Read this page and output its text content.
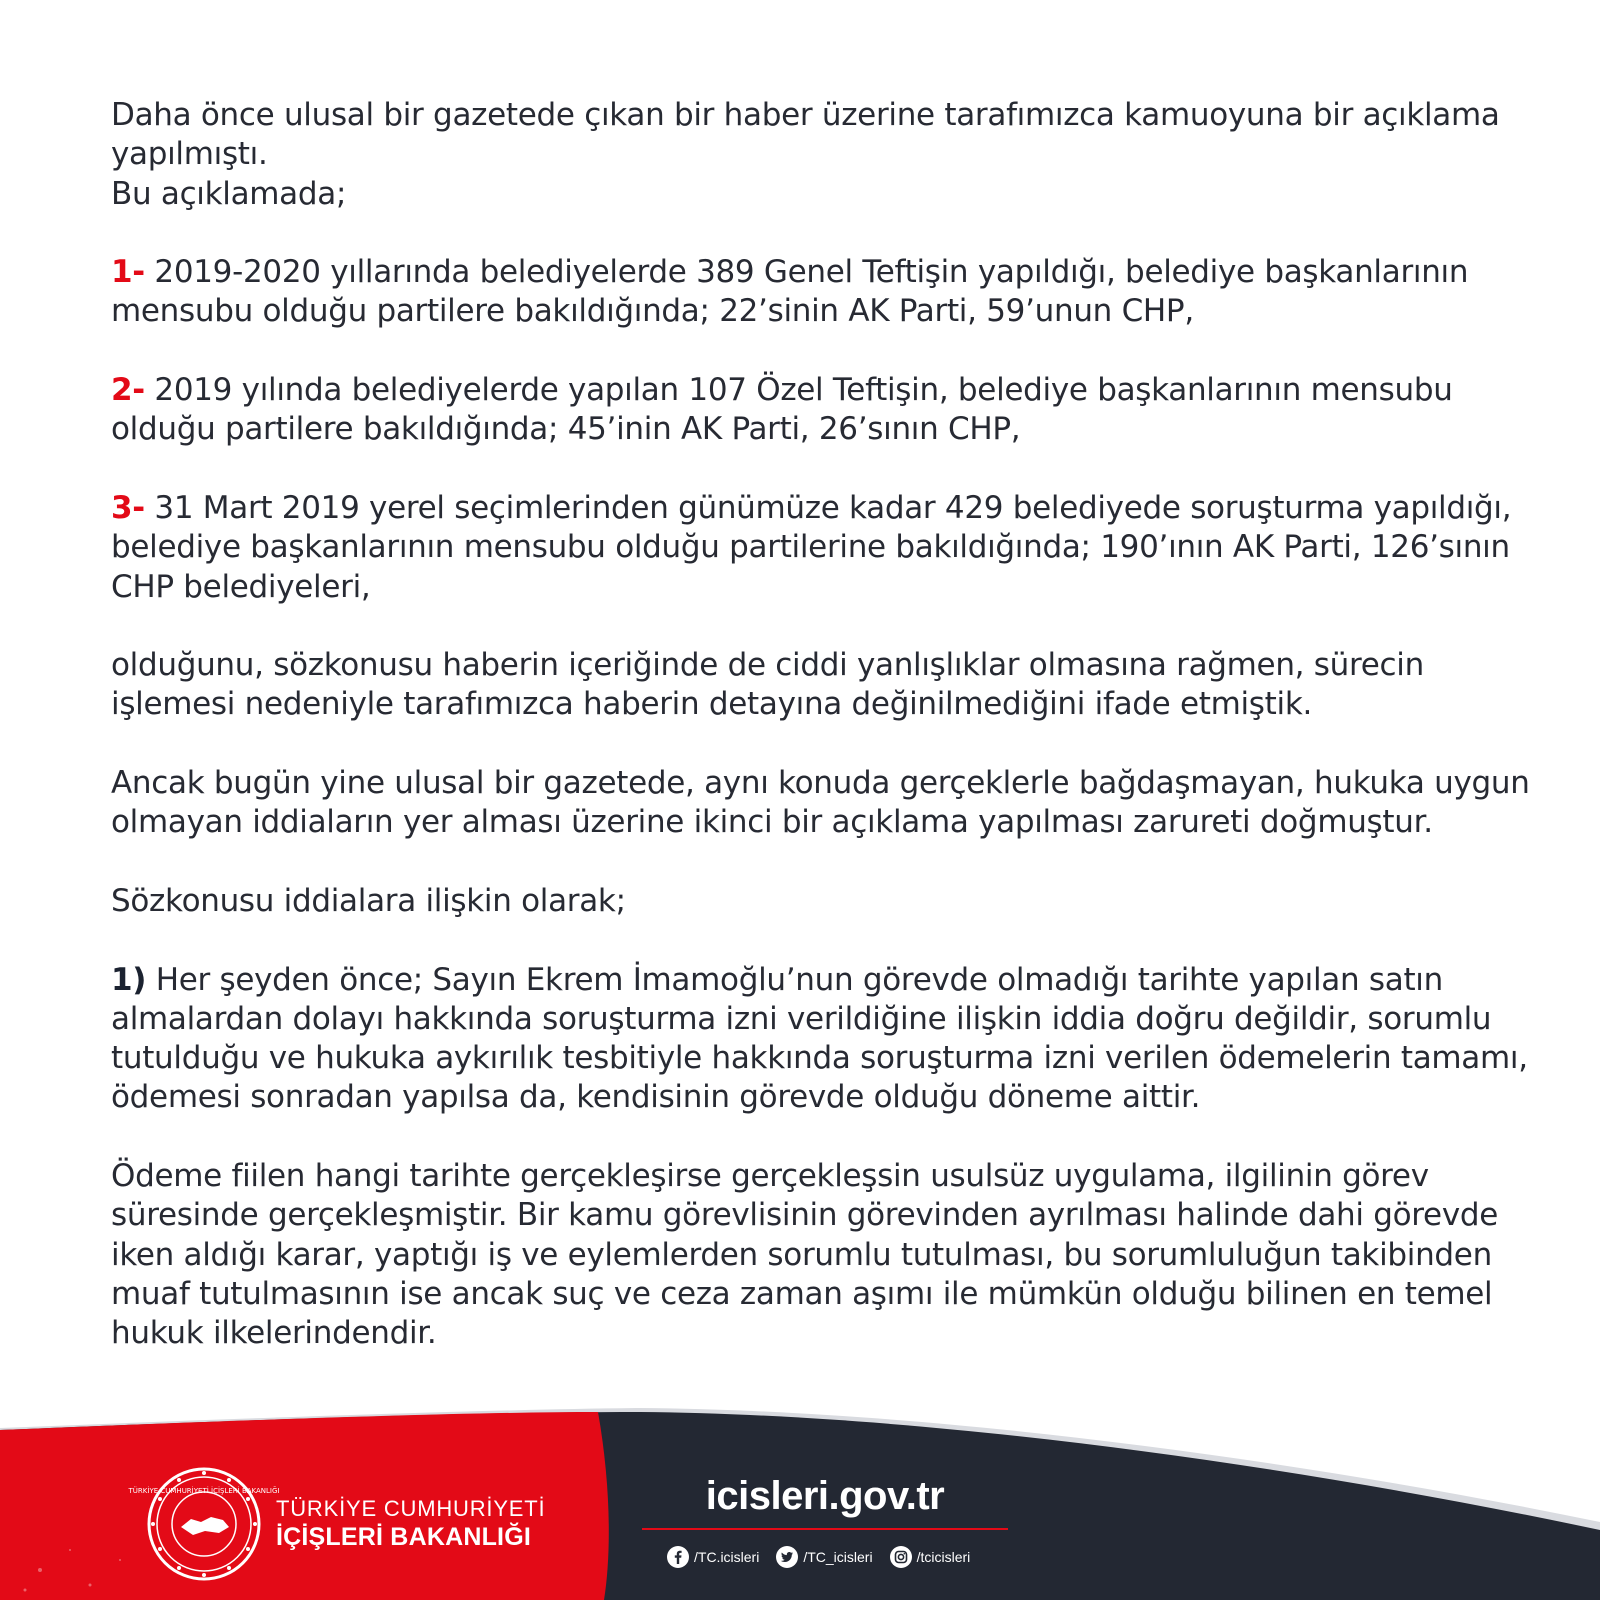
Daha önce ulusal bir gazetede çıkan bir haber üzerine tarafımızca kamuoyuna bir açıklama
yapılmıştı.
Bu açıklamada;

1- 2019-2020 yıllarında belediyelerde 389 Genel Teftişin yapıldığı, belediye başkanlarının mensubu olduğu partilere bakıldığında; 22’sinin AK Parti, 59’unun CHP,

2- 2019 yılında belediyelerde yapılan 107 Özel Teftişin, belediye başkanlarının mensubu olduğu partilere bakıldığında; 45’inin AK Parti, 26’sının CHP,

3- 31 Mart 2019 yerel seçimlerinden günümüze kadar 429 belediyede soruşturma yapıldığı, belediye başkanlarının mensubu olduğu partilerine bakıldığında; 190’ının AK Parti, 126’sının CHP belediyeleri,

olduğunu, sözkonusu haberin içeriğinde de ciddi yanlışlıklar olmasına rağmen, sürecin işlemesi nedeniyle tarafımızca haberin detayına değinilmediğini ifade etmiştik.

Ancak bugün yine ulusal bir gazetede, aynı konuda gerçeklerle bağdaşmayan, hukuka uygun olmayan iddiaların yer alması üzerine ikinci bir açıklama yapılması zarureti doğmuştur.

Sözkonusu iddialara ilişkin olarak;

1) Her şeyden önce; Sayın Ekrem İmamoğlu’nun görevde olmadığı tarihte yapılan satın almalardan dolayı hakkında soruşturma izni verildiğine ilişkin iddia doğru değildir, sorumlu tutulduğu ve hukuka aykırılık tesbitiyle hakkında soruşturma izni verilen ödemelerin tamamı, ödemesi sonradan yapılsa da, kendisinin görevde olduğu döneme aittir.

Ödeme fiilen hangi tarihte gerçekleşirse gerçekleşsin usulsüz uygulama, ilgilinin görev süresinde gerçekleşmiştir. Bir kamu görevlisinin görevinden ayrılması halinde dahi görevde iken aldığı karar, yaptığı iş ve eylemlerden sorumlu tutulması, bu sorumluluğun takibinden muaf tutulmasının ise ancak suç ve ceza zaman aşımı ile mümkün olduğu bilinen en temel hukuk ilkelerindendir.

TÜRKİYE CUMHURİYETİ İÇİŞLERİ BAKANLIĞI
TÜRKİYE CUMHURİYETİ
İÇİŞLERİ BAKANLIĞI
icisleri.gov.tr
/TC.icisleri	/TC_icisleri	/tcicisleri
